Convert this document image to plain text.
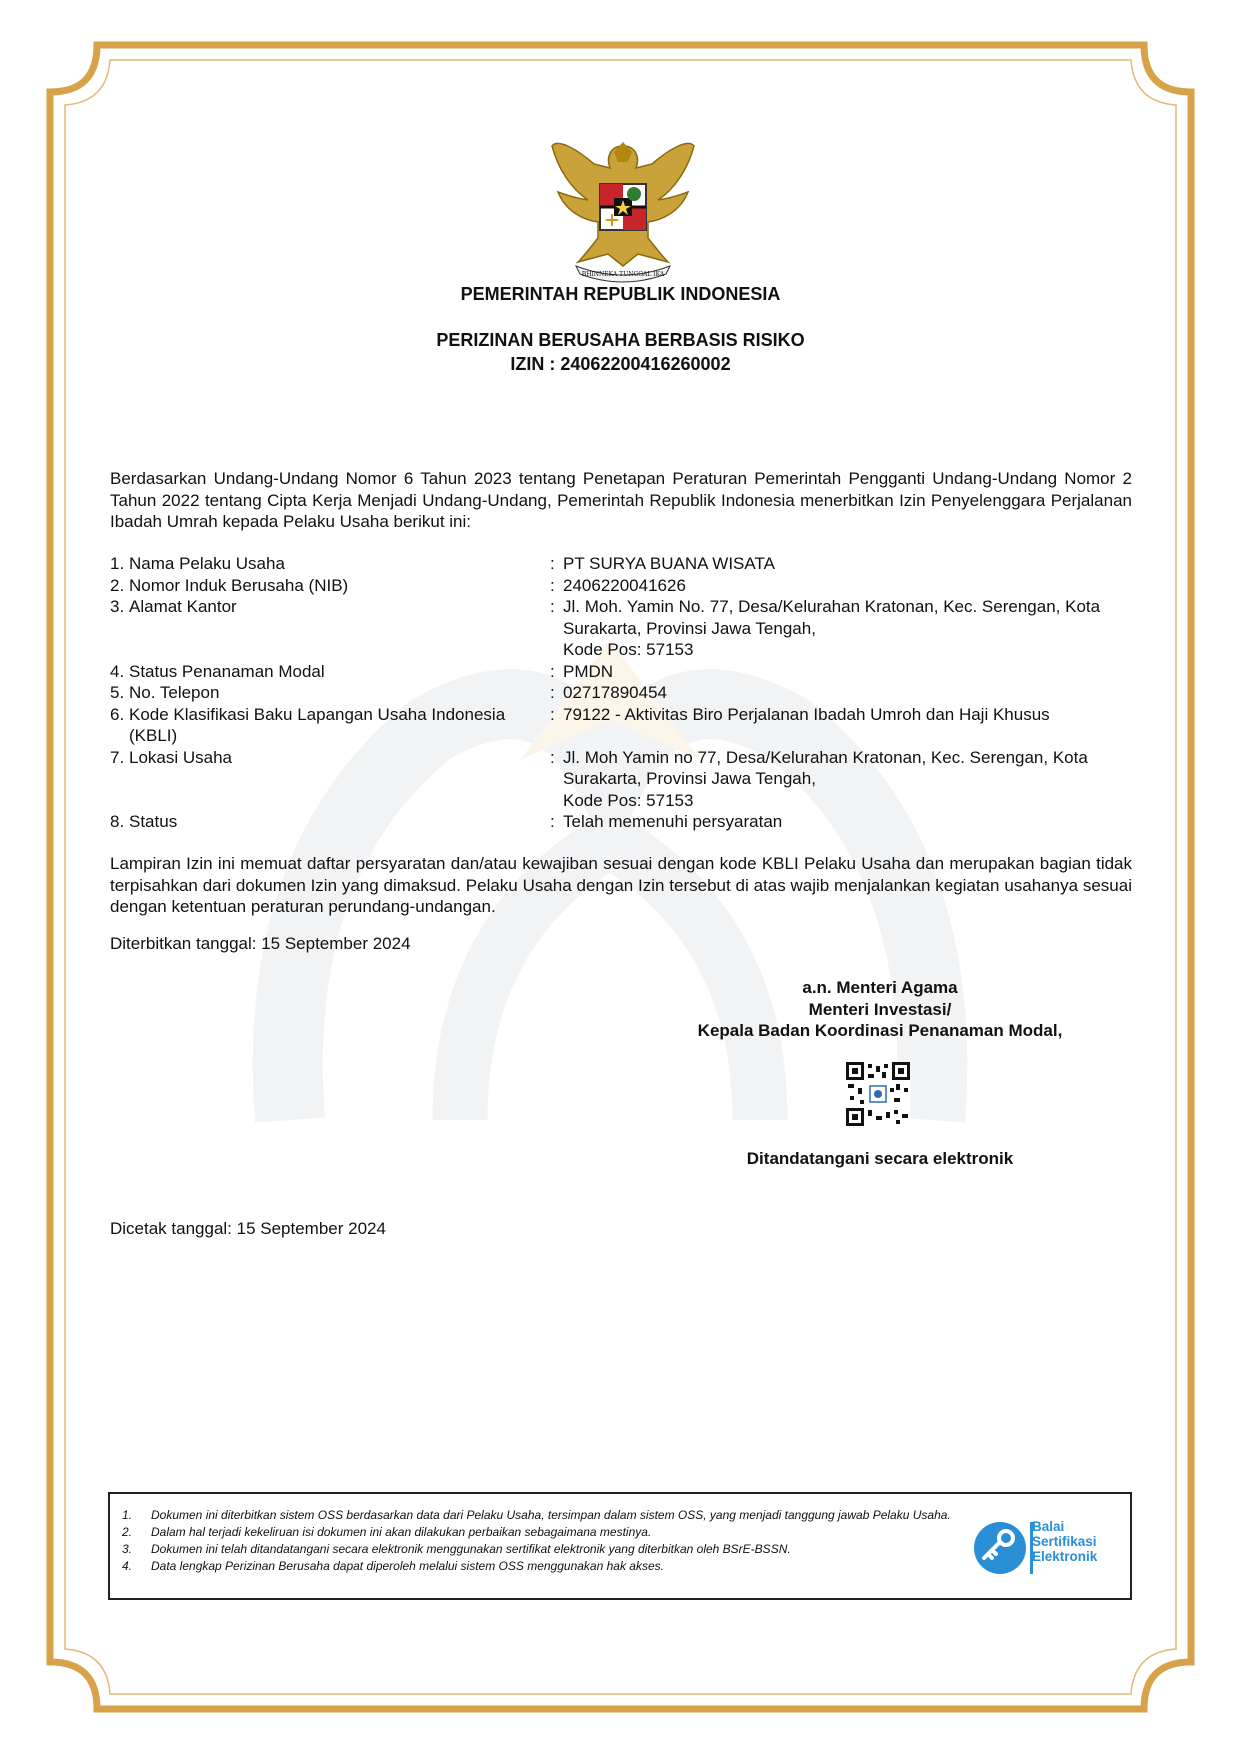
BHINNEKA TUNGGAL IKA
PEMERINTAH REPUBLIK INDONESIA
PERIZINAN BERUSAHA BERBASIS RISIKO
IZIN : 24062200416260002
Berdasarkan Undang-Undang Nomor 6 Tahun 2023 tentang Penetapan Peraturan Pemerintah Pengganti Undang-Undang Nomor 2 Tahun 2022 tentang Cipta Kerja Menjadi Undang-Undang, Pemerintah Republik Indonesia menerbitkan Izin Penyelenggara Perjalanan Ibadah Umrah kepada Pelaku Usaha berikut ini:
1. Nama Pelaku Usaha	: PT SURYA BUANA WISATA
2. Nomor Induk Berusaha (NIB)	: 2406220041626
3. Alamat Kantor	: Jl. Moh. Yamin No. 77, Desa/Kelurahan Kratonan, Kec. Serengan, Kota Surakarta, Provinsi Jawa Tengah,
Kode Pos: 57153
4. Status Penanaman Modal	: PMDN
5. No. Telepon	: 02717890454
6. Kode Klasifikasi Baku Lapangan Usaha Indonesia (KBLI)
: 79122 - Aktivitas Biro Perjalanan Ibadah Umroh dan Haji Khusus
7. Lokasi Usaha	: Jl. Moh Yamin no 77, Desa/Kelurahan Kratonan, Kec. Serengan, Kota Surakarta, Provinsi Jawa Tengah,
Kode Pos: 57153
8. Status	: Telah memenuhi persyaratan
Lampiran Izin ini memuat daftar persyaratan dan/atau kewajiban sesuai dengan kode KBLI Pelaku Usaha dan merupakan bagian tidak terpisahkan dari dokumen Izin yang dimaksud. Pelaku Usaha dengan Izin tersebut di atas wajib menjalankan kegiatan usahanya sesuai dengan ketentuan peraturan perundang-undangan.
Diterbitkan tanggal: 15 September 2024
a.n. Menteri Agama
Menteri Investasi/
Kepala Badan Koordinasi Penanaman Modal,
Ditandatangani secara elektronik
Dicetak tanggal: 15 September 2024
1.	Dokumen ini diterbitkan sistem OSS berdasarkan data dari Pelaku Usaha, tersimpan dalam sistem OSS, yang menjadi tanggung jawab Pelaku Usaha.
2.	Dalam hal terjadi kekeliruan isi dokumen ini akan dilakukan perbaikan sebagaimana mestinya.
3.	Dokumen ini telah ditandatangani secara elektronik menggunakan sertifikat elektronik yang diterbitkan oleh BSrE-BSSN.
4.	Data lengkap Perizinan Berusaha dapat diperoleh melalui sistem OSS menggunakan hak akses.
Balai
Sertifikasi
Elektronik
